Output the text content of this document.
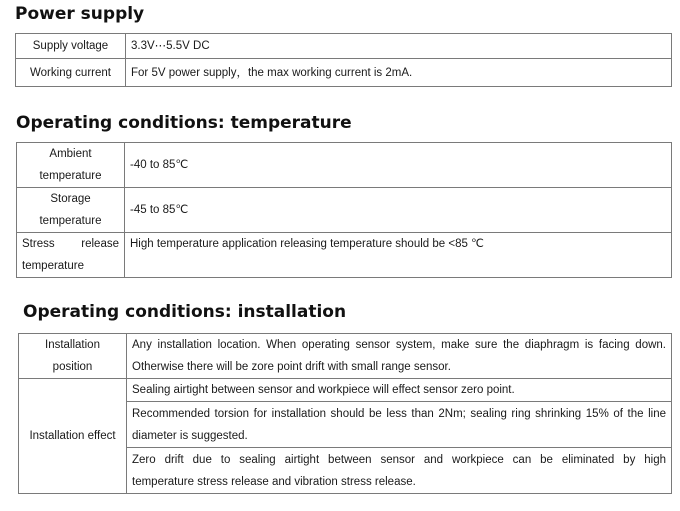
Power supply
Supply voltage	3.3V⋯5.5V DC
Working current	For 5V power supply，the max working current is 2mA.
Operating conditions: temperature
Ambient
temperature	-40 to 85℃

Storage
temperature	-45 to 85℃

Stress release
temperature	High temperature application releasing temperature should be <85 ℃
Operating conditions: installation
Installation
position	Any installation location. When operating sensor system, make sure the diaphragm is facing down.
Otherwise there will be zore point drift with small range sensor.

Installation effect	Sealing airtight between sensor and workpiece will effect sensor zero point.

	Recommended torsion for installation should be less than 2Nm; sealing ring shrinking 15% of the line
diameter is suggested.

	Zero drift due to sealing airtight between sensor and workpiece can be eliminated by high
temperature stress release and vibration stress release.
